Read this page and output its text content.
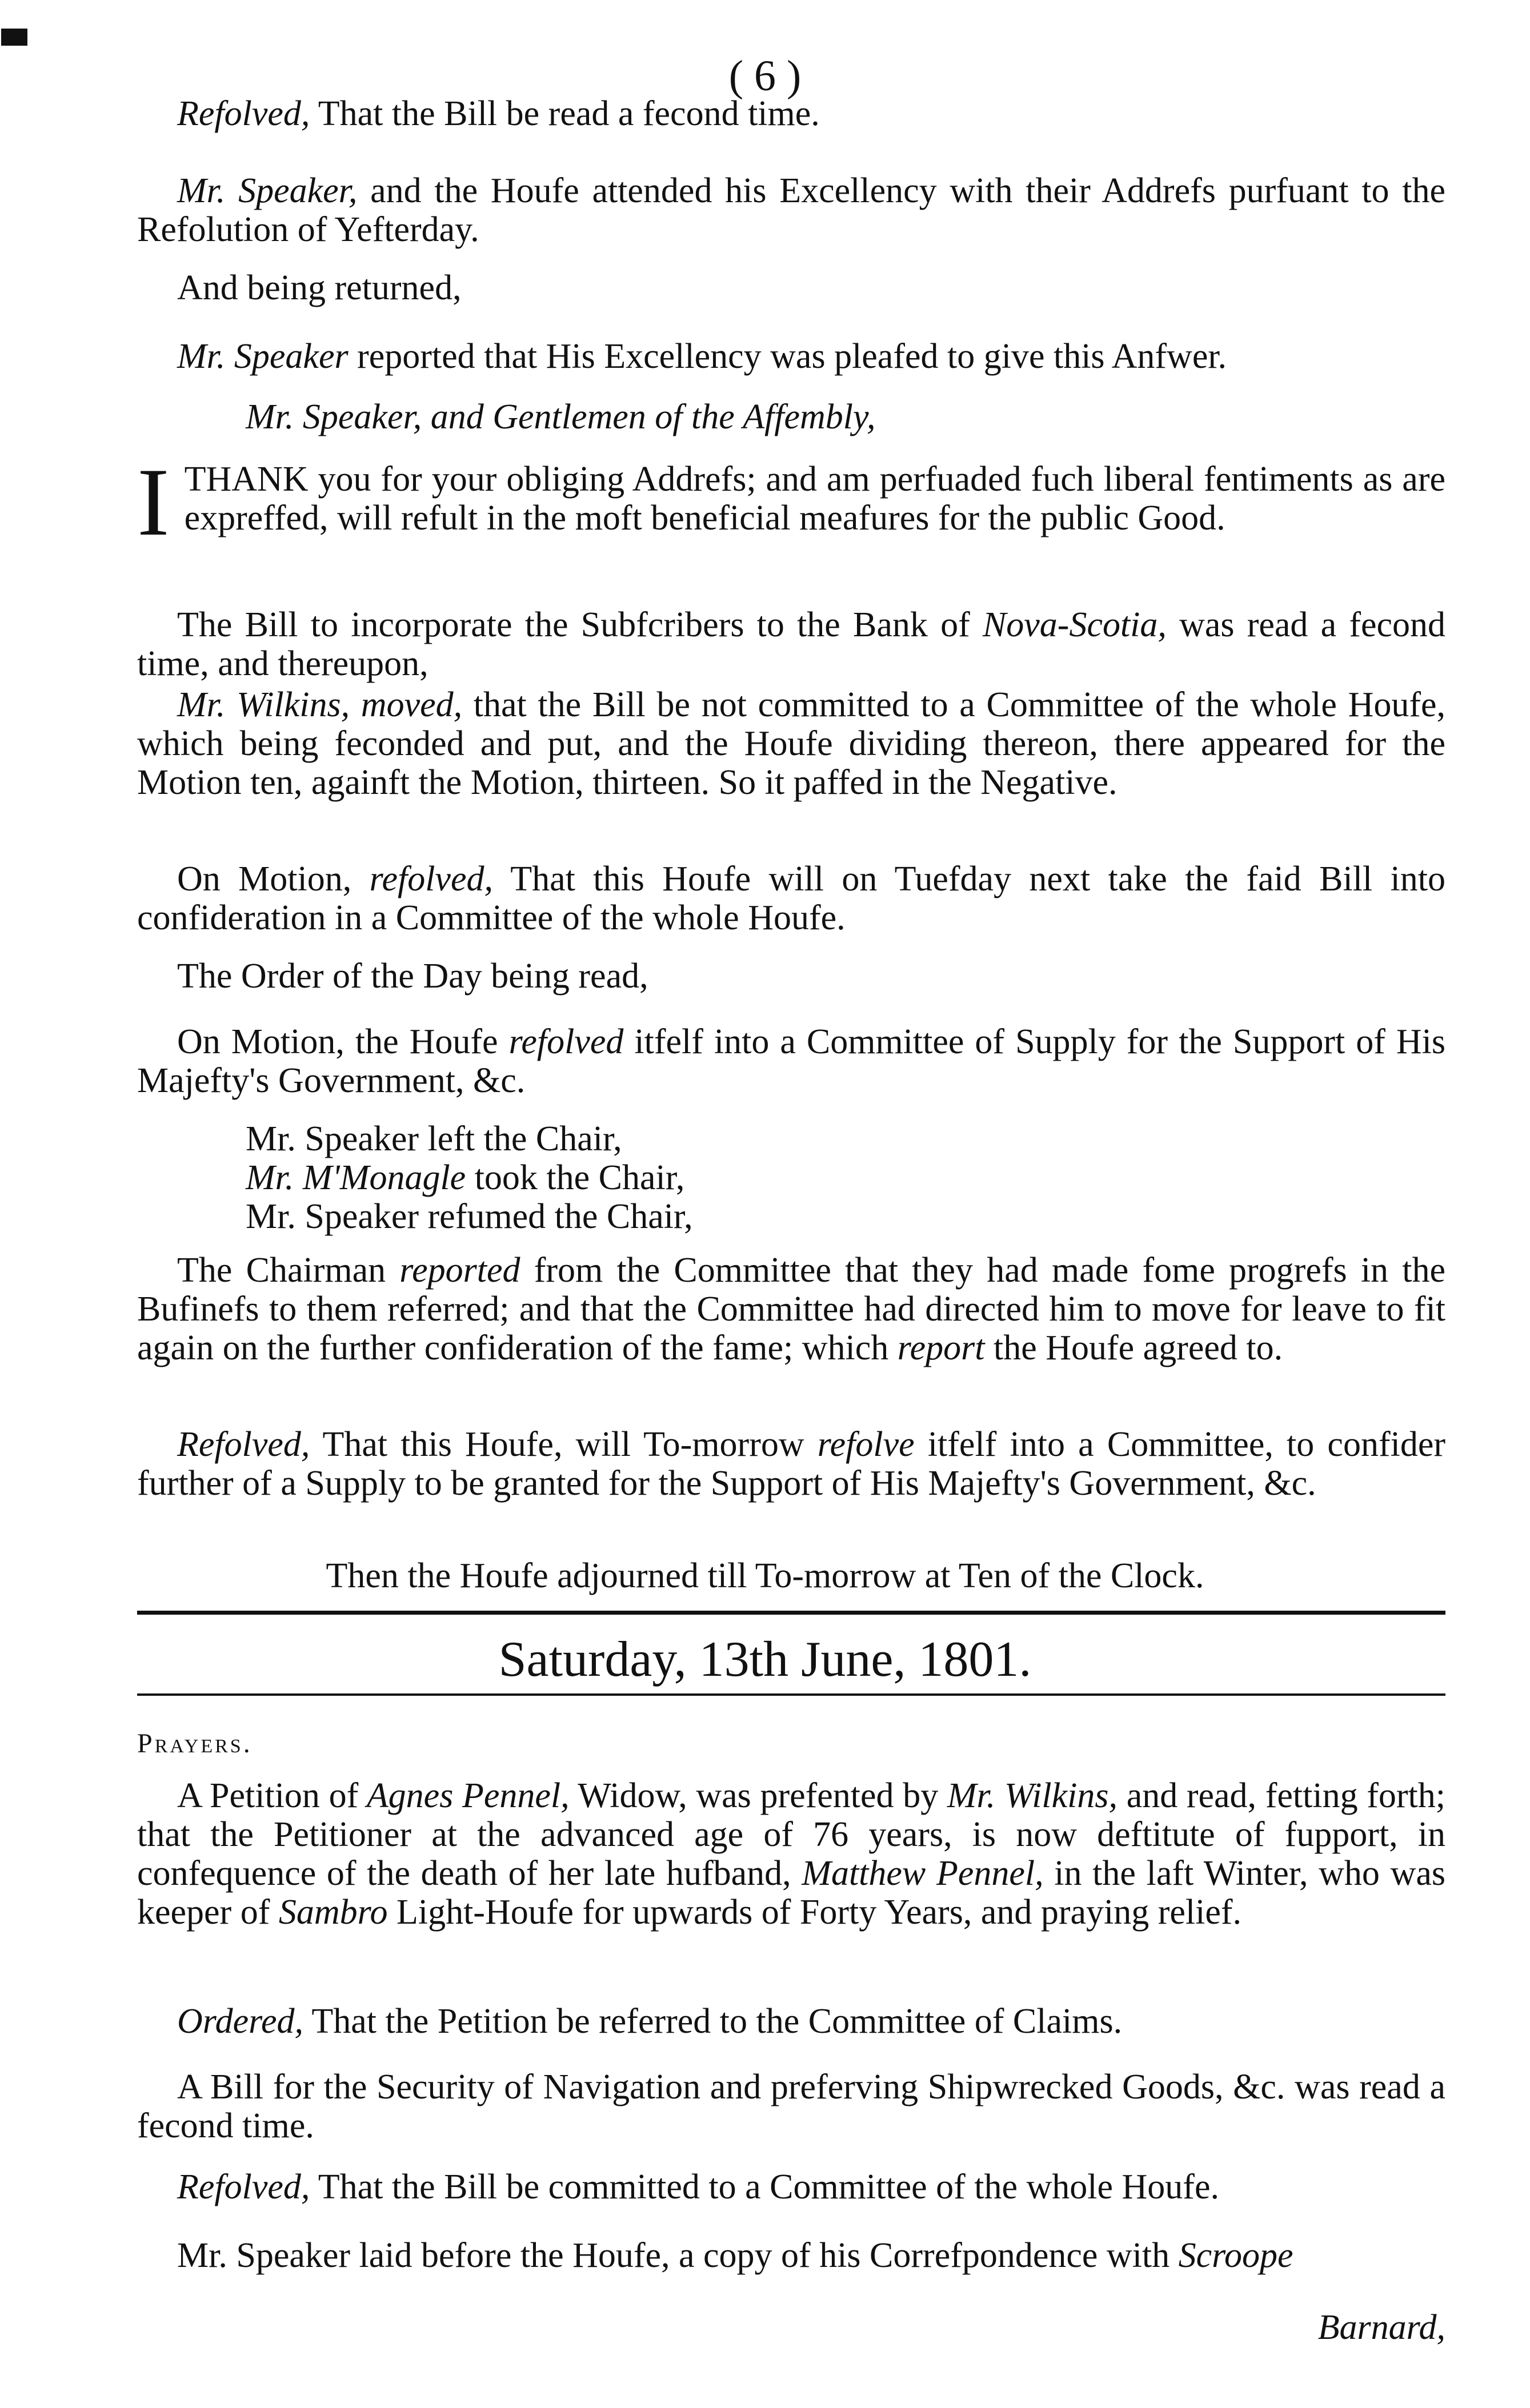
( 6 )

Refolved, That the Bill be read a fecond time.

Mr. Speaker, and the Houfe attended his Excellency with their Addrefs purfuant to the Refolution of Yefterday.

And being returned,

Mr. Speaker reported that His Excellency was pleafed to give this Anfwer.

Mr. Speaker, and Gentlemen of the Affembly,

ITHANK you for your obliging Addrefs; and am perfuaded fuch liberal fentiments as are expreffed, will refult in the moft beneficial meafures for the public Good.

The Bill to incorporate the Subfcribers to the Bank of Nova-Scotia, was read a fecond time, and thereupon,

Mr. Wilkins, moved, that the Bill be not committed to a Committee of the whole Houfe, which being feconded and put, and the Houfe dividing thereon, there appeared for the Motion ten, againft the Motion, thirteen. So it paffed in the Negative.

On Motion, refolved, That this Houfe will on Tuefday next take the faid Bill into confideration in a Committee of the whole Houfe.

The Order of the Day being read,

On Motion, the Houfe refolved itfelf into a Committee of Supply for the Support of His Majefty's Government, &c.

Mr. Speaker left the Chair,
Mr. M'Monagle took the Chair,
Mr. Speaker refumed the Chair,

The Chairman reported from the Committee that they had made fome progrefs in the Bufinefs to them referred; and that the Committee had directed him to move for leave to fit again on the further confideration of the fame; which report the Houfe agreed to.

Refolved, That this Houfe, will To-morrow refolve itfelf into a Committee, to confider further of a Supply to be granted for the Support of His Majefty's Government, &c.

Then the Houfe adjourned till To-morrow at Ten of the Clock.
Saturday, 13th June, 1801.
Prayers.

A Petition of Agnes Pennel, Widow, was prefented by Mr. Wilkins, and read, fetting forth; that the Petitioner at the advanced age of 76 years, is now deftitute of fupport, in confequence of the death of her late hufband, Matthew Pennel, in the laft Winter, who was keeper of Sambro Light-Houfe for upwards of Forty Years, and praying relief.

Ordered, That the Petition be referred to the Committee of Claims.

A Bill for the Security of Navigation and preferving Shipwrecked Goods, &c. was read a fecond time.

Refolved, That the Bill be committed to a Committee of the whole Houfe.

Mr. Speaker laid before the Houfe, a copy of his Correfpondence with Scroope

Barnard,
